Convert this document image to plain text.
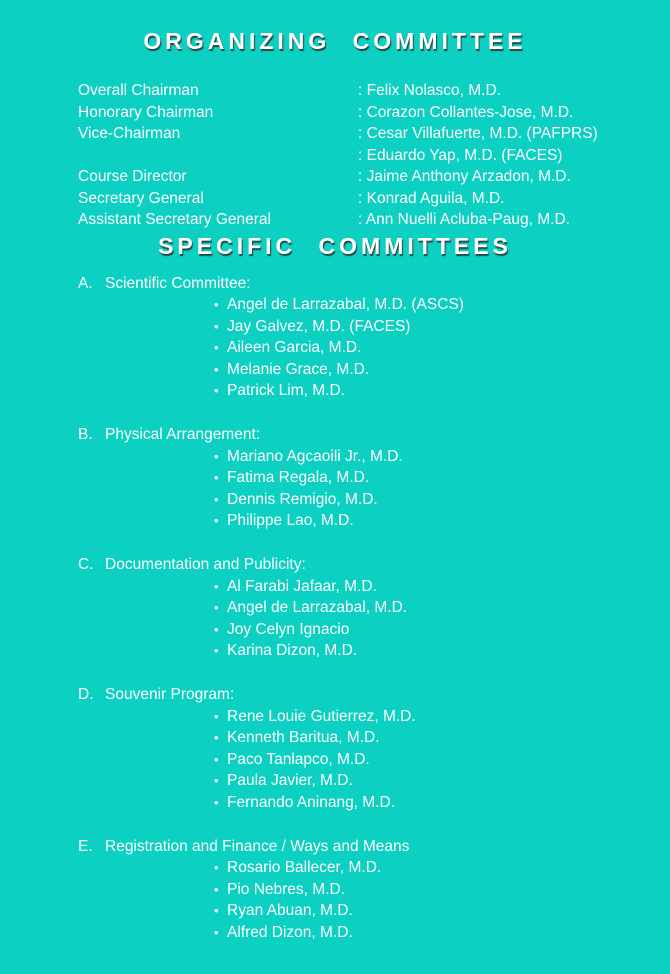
ORGANIZING COMMITTEE
Overall Chairman	: Felix Nolasco, M.D.
Honorary Chairman	: Corazon Collantes-Jose, M.D.
Vice-Chairman	: Cesar Villafuerte, M.D. (PAFPRS)
: Eduardo Yap, M.D. (FACES)
Course Director	: Jaime Anthony Arzadon, M.D.
Secretary General	: Konrad Aguila, M.D.
Assistant Secretary General	: Ann Nuelli Acluba-Paug, M.D.
SPECIFIC COMMITTEES
A. Scientific Committee:
• Angel de Larrazabal, M.D. (ASCS)
• Jay Galvez, M.D. (FACES)
• Aileen Garcia, M.D.
• Melanie Grace, M.D.
• Patrick Lim, M.D.
B. Physical Arrangement:
• Mariano Agcaoili Jr., M.D.
• Fatima Regala, M.D.
• Dennis Remigio, M.D.
• Philippe Lao, M.D.
C. Documentation and Publicity:
• Al Farabi Jafaar, M.D.
• Angel de Larrazabal, M.D.
• Joy Celyn Ignacio
• Karina Dizon, M.D.
D. Souvenir Program:
• Rene Louie Gutierrez, M.D.
• Kenneth Baritua, M.D.
• Paco Tanlapco, M.D.
• Paula Javier, M.D.
• Fernando Aninang, M.D.
E. Registration and Finance / Ways and Means
• Rosario Ballecer, M.D.
• Pio Nebres, M.D.
• Ryan Abuan, M.D.
• Alfred Dizon, M.D.
